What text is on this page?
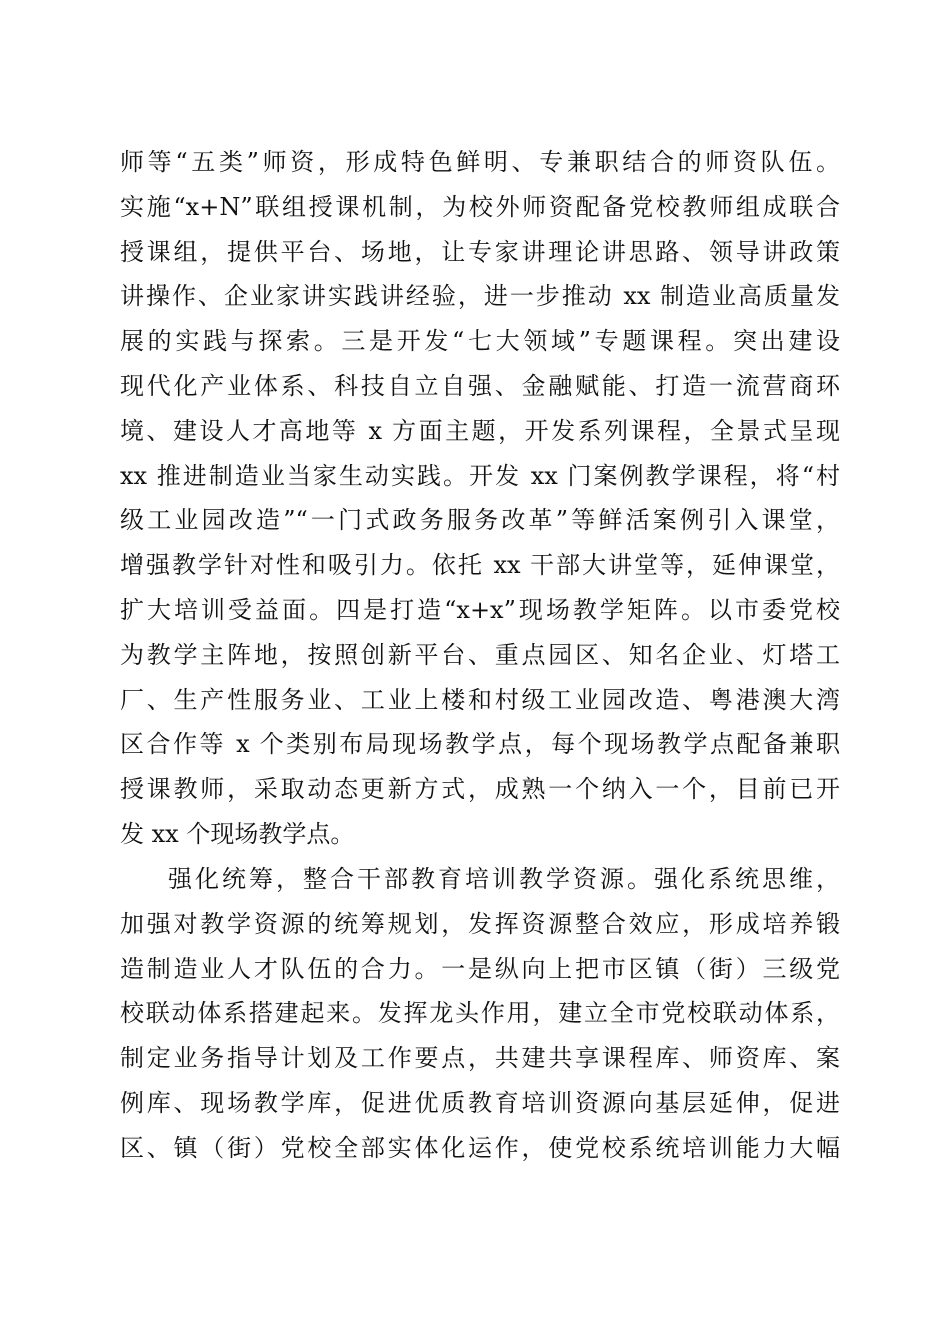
师等“五类”师资，形成特色鲜明、专兼职结合的师资队伍。
实施“x+N”联组授课机制，为校外师资配备党校教师组成联合
授课组，提供平台、场地，让专家讲理论讲思路、领导讲政策
讲操作、企业家讲实践讲经验，进一步推动 xx 制造业高质量发
展的实践与探索。三是开发“七大领域”专题课程。突出建设
现代化产业体系、科技自立自强、金融赋能、打造一流营商环
境、建设人才高地等 x 方面主题，开发系列课程，全景式呈现
xx 推进制造业当家生动实践。开发 xx 门案例教学课程，将“村
级工业园改造”“一门式政务服务改革”等鲜活案例引入课堂，
增强教学针对性和吸引力。依托 xx 干部大讲堂等，延伸课堂，
扩大培训受益面。四是打造“x+x”现场教学矩阵。以市委党校
为教学主阵地，按照创新平台、重点园区、知名企业、灯塔工
厂、生产性服务业、工业上楼和村级工业园改造、粤港澳大湾
区合作等 x 个类别布局现场教学点，每个现场教学点配备兼职
授课教师，采取动态更新方式，成熟一个纳入一个，目前已开
发 xx 个现场教学点。
强化统筹，整合干部教育培训教学资源。强化系统思维，
加强对教学资源的统筹规划，发挥资源整合效应，形成培养锻
造制造业人才队伍的合力。一是纵向上把市区镇（街）三级党
校联动体系搭建起来。发挥龙头作用，建立全市党校联动体系，
制定业务指导计划及工作要点，共建共享课程库、师资库、案
例库、现场教学库，促进优质教育培训资源向基层延伸，促进
区、镇（街）党校全部实体化运作，使党校系统培训能力大幅
